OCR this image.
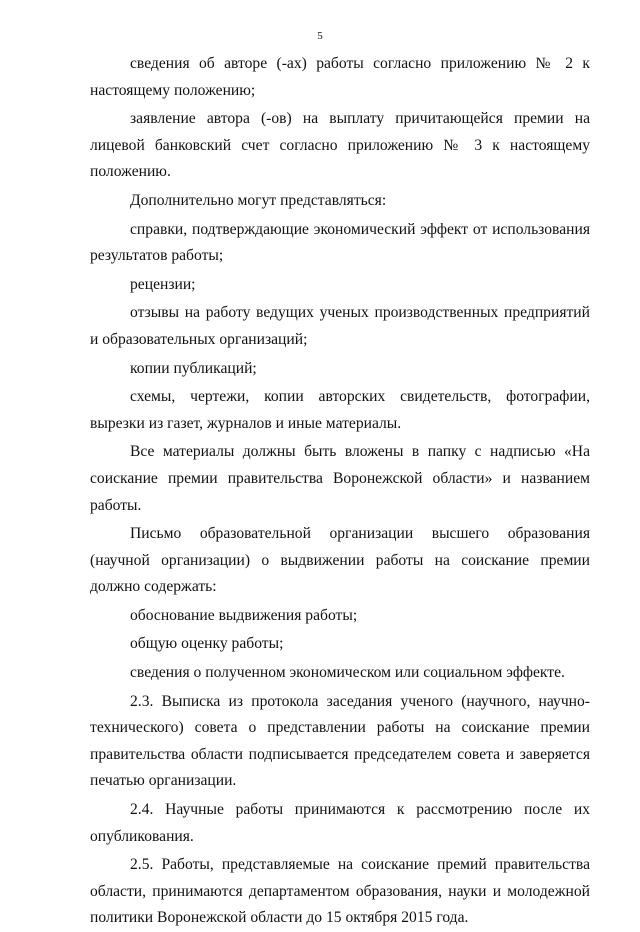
5

сведения об авторе (-ах) работы согласно приложению № 2 к настоящему положению;

заявление автора (-ов) на выплату причитающейся премии на лицевой банковский счет согласно приложению № 3 к настоящему положению.

Дополнительно могут представляться:

справки, подтверждающие экономический эффект от использования результатов работы;

рецензии;

отзывы на работу ведущих ученых производственных предприятий и образовательных организаций;

копии публикаций;

схемы, чертежи, копии авторских свидетельств, фотографии, вырезки из газет, журналов и иные материалы.

Все материалы должны быть вложены в папку с надписью «На соискание премии правительства Воронежской области» и названием работы.

Письмо образовательной организации высшего образования (научной организации) о выдвижении работы на соискание премии должно содержать:

обоснование выдвижения работы;

общую оценку работы;

сведения о полученном экономическом или социальном эффекте.

2.3. Выписка из протокола заседания ученого (научного, научно-технического) совета о представлении работы на соискание премии правительства области подписывается председателем совета и заверяется печатью организации.

2.4. Научные работы принимаются к рассмотрению после их опубликования.

2.5. Работы, представляемые на соискание премий правительства области, принимаются департаментом образования, науки и молодежной политики Воронежской области до 15 октября 2015 года.
